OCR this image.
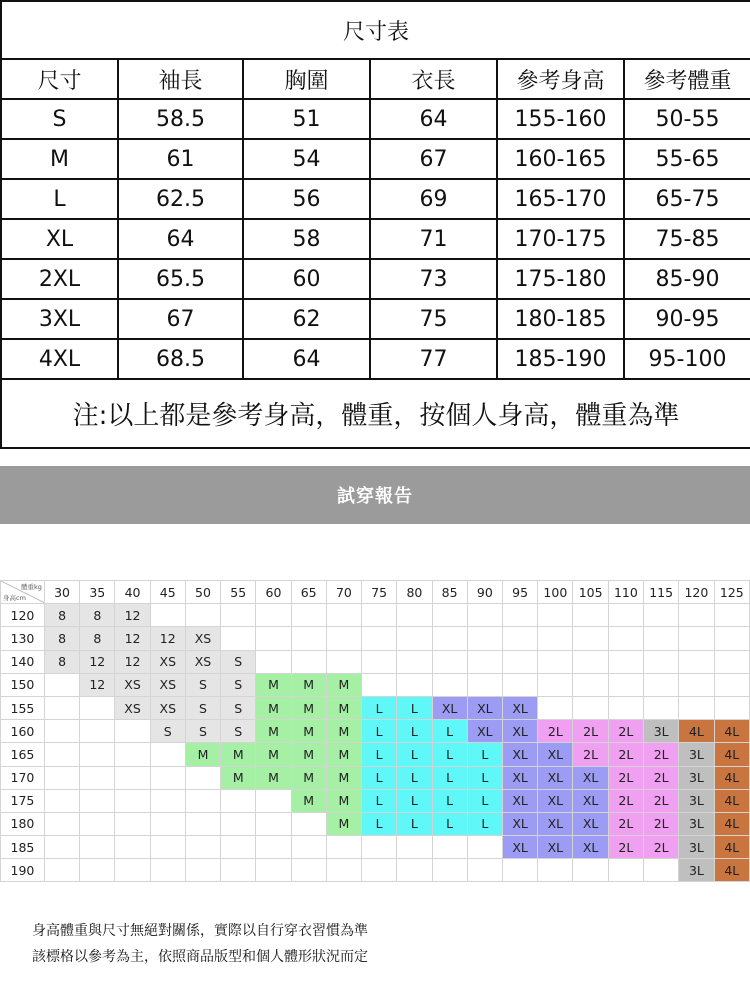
尺寸表					
尺寸	袖長	胸圍	衣長	參考身高	參考體重
S	58.5	51	64	155-160	50-55
M	61	54	67	160-165	55-65
L	62.5	56	69	165-170	65-75
XL	64	58	71	170-175	75-85
2XL	65.5	60	73	175-180	85-90
3XL	67	62	75	180-185	90-95
4XL	68.5	64	77	185-190	95-100
注:以上都是參考身高，體重，按個人身高，體重為準					
試穿報告
體重kg
身高cm	30	35	40	45	50	55	60	65	70	75	80	85	90	95	100	105	110	115	120	125
120	8	8	12																	
130	8	8	12	12	XS															
140	8	12	12	XS	XS	S														
150		12	XS	XS	S	S	M	M	M											
155			XS	XS	S	S	M	M	M	L	L	XL	XL	XL						
160				S	S	S	M	M	M	L	L	L	XL	XL	2L	2L	2L	3L	4L	4L
165					M	M	M	M	M	L	L	L	L	XL	XL	2L	2L	2L	3L	4L
170						M	M	M	M	L	L	L	L	XL	XL	XL	2L	2L	3L	4L
175								M	M	L	L	L	L	XL	XL	XL	2L	2L	3L	4L
180									M	L	L	L	L	XL	XL	XL	2L	2L	3L	4L
185														XL	XL	XL	2L	2L	3L	4L
190																			3L	4L
身高體重與尺寸無絕對關係，實際以自行穿衣習慣為準
該標格以參考為主，依照商品版型和個人體形狀況而定
